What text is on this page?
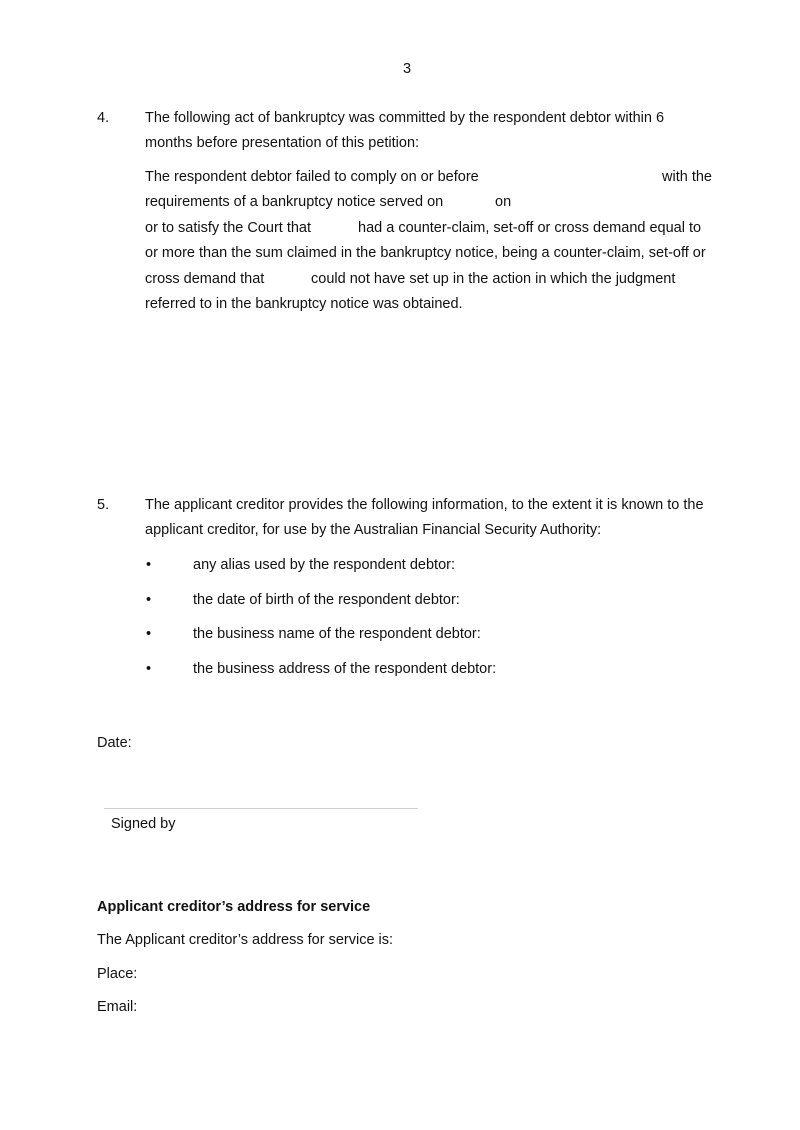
3
4. The following act of bankruptcy was committed by the respondent debtor within 6
months before presentation of this petition:
The respondent debtor failed to comply on or before	with the
requirements of a bankruptcy notice served on	on
or to satisfy the Court that	had a counter-claim, set-off or cross demand equal to
or more than the sum claimed in the bankruptcy notice, being a counter-claim, set-off or
cross demand that	could not have set up in the action in which the judgment
referred to in the bankruptcy notice was obtained.
5. The applicant creditor provides the following information, to the extent it is known to the
applicant creditor, for use by the Australian Financial Security Authority:
•	any alias used by the respondent debtor:
•	the date of birth of the respondent debtor:
•	the business name of the respondent debtor:
•	the business address of the respondent debtor:
Date:
Signed by
Applicant creditor’s address for service
The Applicant creditor’s address for service is:
Place:
Email:
